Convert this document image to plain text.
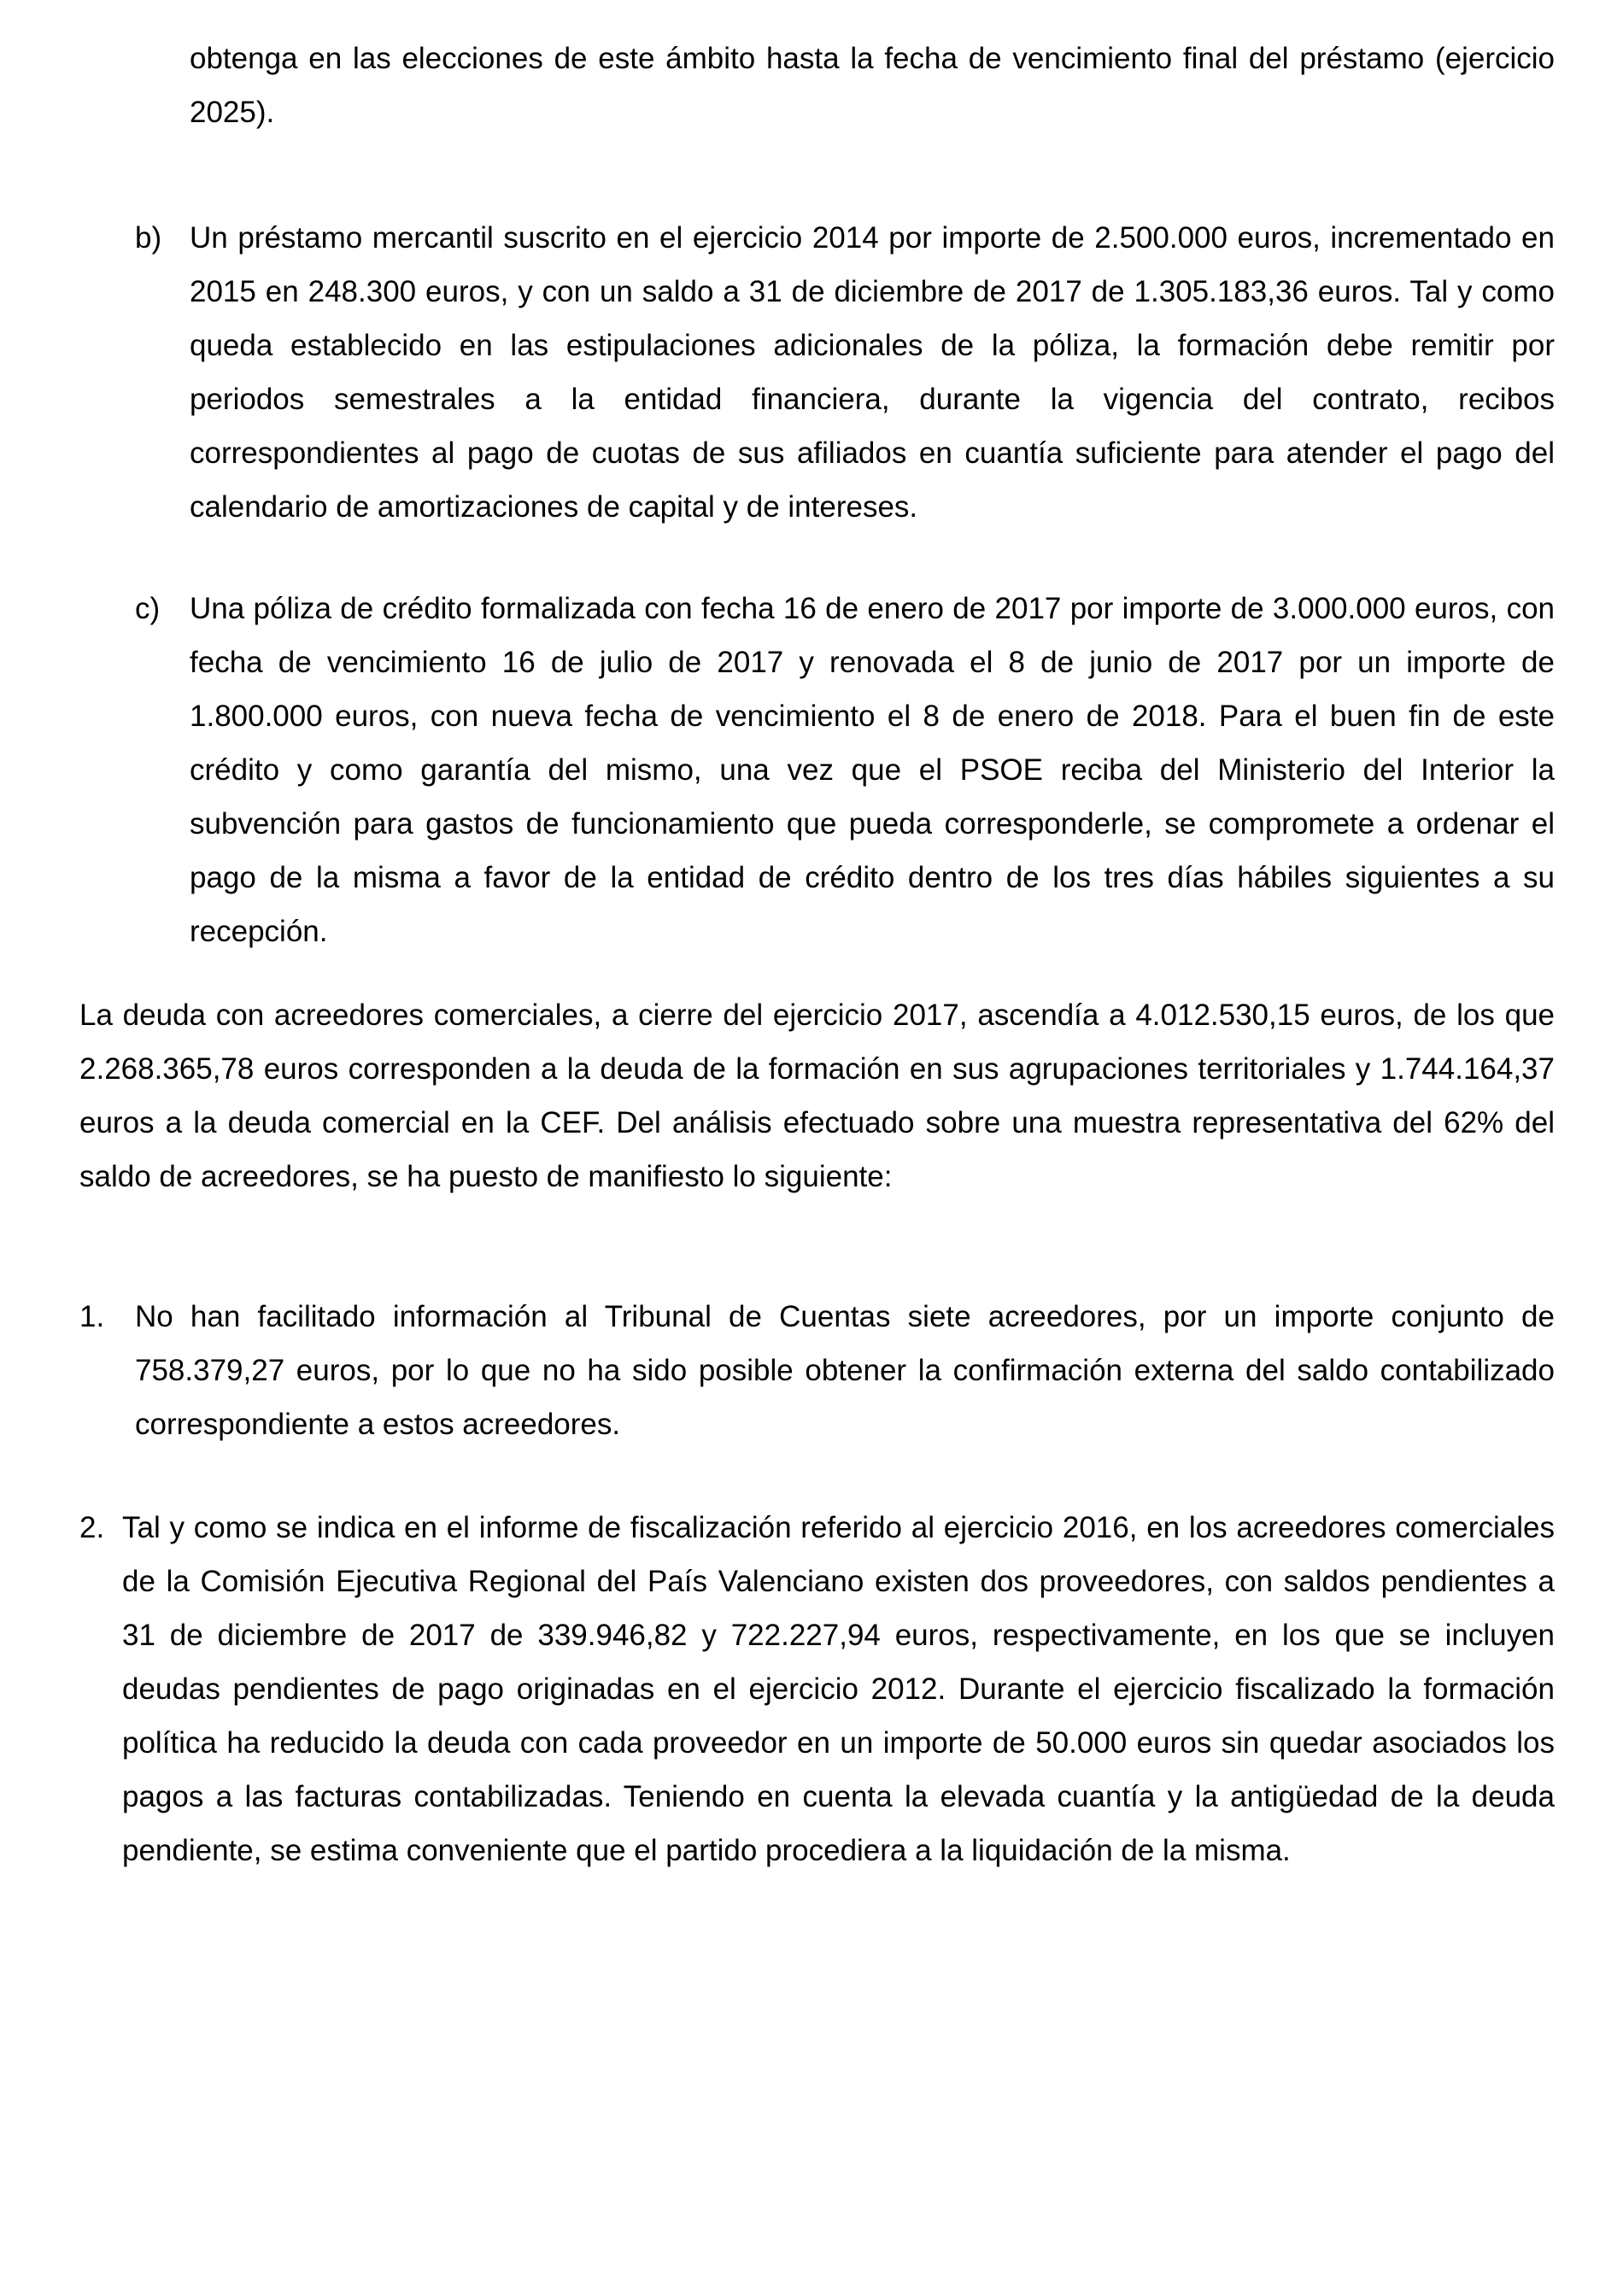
obtenga en las elecciones de este ámbito hasta la fecha de vencimiento final del préstamo (ejercicio 2025).

b) Un préstamo mercantil suscrito en el ejercicio 2014 por importe de 2.500.000 euros, incrementado en 2015 en 248.300 euros, y con un saldo a 31 de diciembre de 2017 de 1.305.183,36 euros. Tal y como queda establecido en las estipulaciones adicionales de la póliza, la formación debe remitir por periodos semestrales a la entidad financiera, durante la vigencia del contrato, recibos correspondientes al pago de cuotas de sus afiliados en cuantía suficiente para atender el pago del calendario de amortizaciones de capital y de intereses.

c) Una póliza de crédito formalizada con fecha 16 de enero de 2017 por importe de 3.000.000 euros, con fecha de vencimiento 16 de julio de 2017 y renovada el 8 de junio de 2017 por un importe de 1.800.000 euros, con nueva fecha de vencimiento el 8 de enero de 2018. Para el buen fin de este crédito y como garantía del mismo, una vez que el PSOE reciba del Ministerio del Interior la subvención para gastos de funcionamiento que pueda corresponderle, se compromete a ordenar el pago de la misma a favor de la entidad de crédito dentro de los tres días hábiles siguientes a su recepción.

La deuda con acreedores comerciales, a cierre del ejercicio 2017, ascendía a 4.012.530,15 euros, de los que 2.268.365,78 euros corresponden a la deuda de la formación en sus agrupaciones territoriales y 1.744.164,37 euros a la deuda comercial en la CEF. Del análisis efectuado sobre una muestra representativa del 62% del saldo de acreedores, se ha puesto de manifiesto lo siguiente:

1. No han facilitado información al Tribunal de Cuentas siete acreedores, por un importe conjunto de 758.379,27 euros, por lo que no ha sido posible obtener la confirmación externa del saldo contabilizado correspondiente a estos acreedores.

2. Tal y como se indica en el informe de fiscalización referido al ejercicio 2016, en los acreedores comerciales de la Comisión Ejecutiva Regional del País Valenciano existen dos proveedores, con saldos pendientes a 31 de diciembre de 2017 de 339.946,82 y 722.227,94 euros, respectivamente, en los que se incluyen deudas pendientes de pago originadas en el ejercicio 2012. Durante el ejercicio fiscalizado la formación política ha reducido la deuda con cada proveedor en un importe de 50.000 euros sin quedar asociados los pagos a las facturas contabilizadas. Teniendo en cuenta la elevada cuantía y la antigüedad de la deuda pendiente, se estima conveniente que el partido procediera a la liquidación de la misma.
